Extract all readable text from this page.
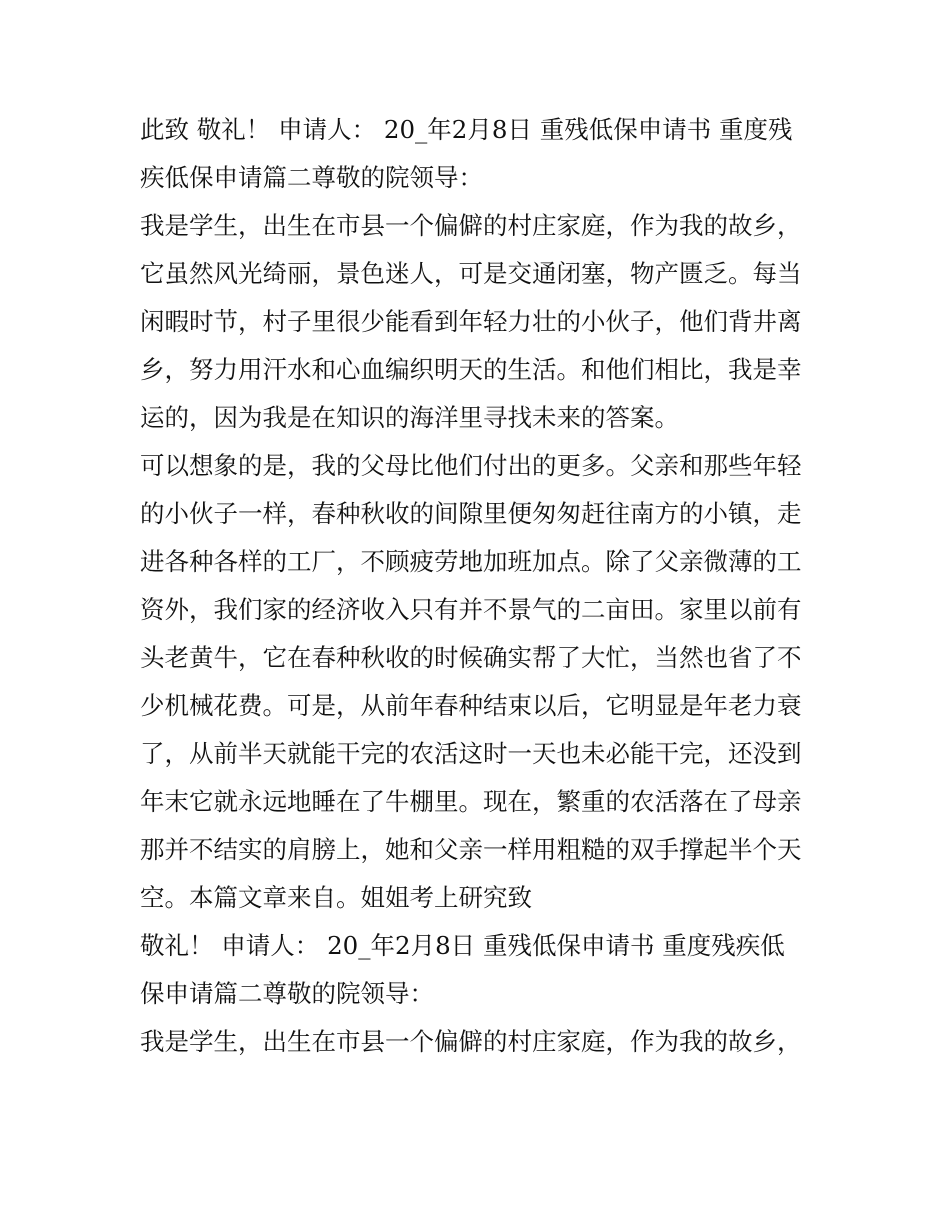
此致 敬礼！ 申请人： 20_年2月8日 重残低保申请书 重度残
疾低保申请篇二尊敬的院领导：
我是学生，出生在市县一个偏僻的村庄家庭，作为我的故乡，
它虽然风光绮丽，景色迷人，可是交通闭塞，物产匮乏。每当
闲暇时节，村子里很少能看到年轻力壮的小伙子，他们背井离
乡，努力用汗水和心血编织明天的生活。和他们相比，我是幸
运的，因为我是在知识的海洋里寻找未来的答案。
可以想象的是，我的父母比他们付出的更多。父亲和那些年轻
的小伙子一样，春种秋收的间隙里便匆匆赶往南方的小镇，走
进各种各样的工厂，不顾疲劳地加班加点。除了父亲微薄的工
资外，我们家的经济收入只有并不景气的二亩田。家里以前有
头老黄牛，它在春种秋收的时候确实帮了大忙，当然也省了不
少机械花费。可是，从前年春种结束以后，它明显是年老力衰
了，从前半天就能干完的农活这时一天也未必能干完，还没到
年末它就永远地睡在了牛棚里。现在，繁重的农活落在了母亲
那并不结实的肩膀上，她和父亲一样用粗糙的双手撑起半个天
空。本篇文章来自。姐姐考上研究致
敬礼！ 申请人： 20_年2月8日 重残低保申请书 重度残疾低
保申请篇二尊敬的院领导：
我是学生，出生在市县一个偏僻的村庄家庭，作为我的故乡，
